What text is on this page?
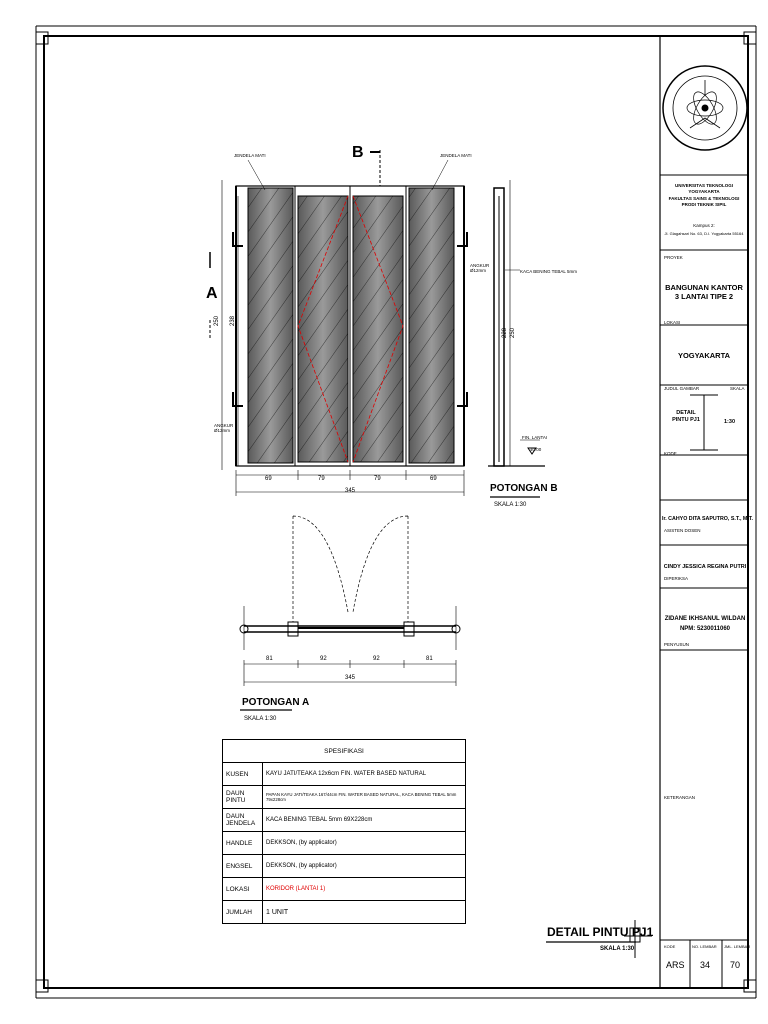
UNIVERSITAS TEKNOLOGI YOGYAKARTA
FAKULTAS SAINS & TEKNOLOGI
PRODI TEKNIK SIPIL
Kampus 2:
Jl. Glagahsari No. 63, D.I. Yogyakarta 55164
PROYEK
BANGUNAN KANTOR 3 LANTAI TIPE 2
LOKASI
YOGYAKARTA
JUDUL GAMBAR	SKALA
DETAIL PINTU PJ1	1:30
KODE
Ir. CAHYO DITA SAPUTRO, S.T., M.T.
ASISTEN DOSEN
CINDY JESSICA REGINA PUTRI
DIPERIKSA
ZIDANE IKHSANUL WILDAN
NPM: 5230011060
PENYUSUN
KETERANGAN
KODE	NO. LEMBAR JML. LEMBAR
ARS 34 70
B
A
JENDELA MATI	JENDELA MATI
ANGKUR Ø12mm
ANGKUR Ø12mm	KACA BENING TEBAL 5mm
250 238
69	79	79	69
345
228 250
FIN. LANTAI
±0.00
POTONGAN B
SKALA 1:30
81	92	92	81
345
POTONGAN A
SKALA 1:30
SPESIFIKASI	
KUSEN	KAYU JATI/TEAKA 12x6cm FIN. WATER BASED NATURAL
DAUN PINTU	PAPAN KAYU JATI/TEAKA 167/44cm FIN. WATER BASED NATURAL, KACA BENING TEBAL 5mm 79x228cm
DAUN JENDELA	KACA BENING TEBAL 5mm 69X228cm
HANDLE	DEKKSON, (by applicator)
ENGSEL	DEKKSON, (by applicator)
LOKASI	KORIDOR (LANTAI 1)
JUMLAH	1 UNIT
DETAIL PINTU PJ1
SKALA 1:30
